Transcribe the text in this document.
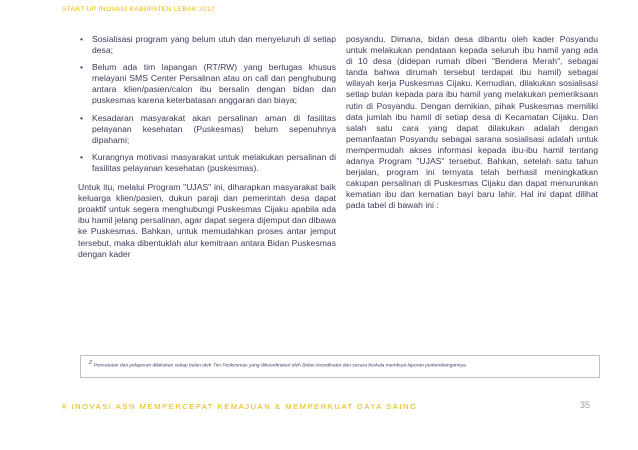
START UP INOVASI KABUPATEN LEBAK 2017
• Sosialisasi program yang belum utuh dan menyeluruh di setiap desa;
• Belum ada tim lapangan (RT/RW) yang bertugas khusus melayani SMS Center Persalinan atau on call dan penghubung antara klien/pasien/calon ibu bersalin dengan bidan dan puskesmas karena keterbatasan anggaran dan biaya;
• Kesadaran masyarakat akan persalinan aman di fasilitas pelayanan kesehatan (Puskesmas) belum sepenuhnya dipahami;
• Kurangnya motivasi masyarakat untuk melakukan persalinan di fasilitas pelayanan kesehatan (puskesmas).

Untuk itu, melalui Program "UJAS" ini, diharapkan masyarakat baik keluarga klien/pasien, dukun paraji dan pemerintah desa dapat proaktif untuk segera menghubungi Puskesmas Cijaku apabila ada ibu hamil jelang persalinan, agar dapat segera dijemput dan dibawa ke Puskesmas. Bahkan, untuk memudahkan proses antar jemput tersebut, maka dibentuklah alur kemitraan antara Bidan Puskesmas dengan kader

posyandu. Dimana, bidan desa dibantu oleh kader Posyandu untuk melakukan pendataan kepada seluruh ibu hamil yang ada di 10 desa (didepan rumah diberi "Bendera Merah", sebagai tanda bahwa dirumah tersebut terdapat ibu hamil) sebagai wilayah kerja Puskesmas Cijaku. Kemudian, dilakukan sosialisasi setiap bulan kepada para ibu hamil yang melakukan pemeriksaan rutin di Posyandu. Dengan demikian, pihak Puskesmas memiliki data jumlah ibu hamil di setiap desa di Kecamatan Cijaku. Dan salah satu cara yang dapat dilakukan adalah dengan pemanfaatan Posyandu sebagai sarana sosialisasi adalah untuk mempermudah akses informasi kepada ibu-ibu hamil tentang adanya Program "UJAS" tersebut. Bahkan, setelah satu tahun berjalan, program ini ternyata telah berhasil meningkatkan cakupan persalinan di Puskesmas Cijaku dan dapat menurunkan kematian ibu dan kematian bayi baru lahir. Hal ini dapat dilihat pada tabel di bawah ini :

$^2$Pencatatan dan pelaporan dilakukan setiap bulan oleh Tim Puskesmas yang dikoordinatori oleh Bidan Koordinator dan secara berkala membuat laporan perkembangannya.
# INOVASI ASN MEMPERCEPAT KEMAJUAN & MEMPERKUAT DAYA SAING	35
